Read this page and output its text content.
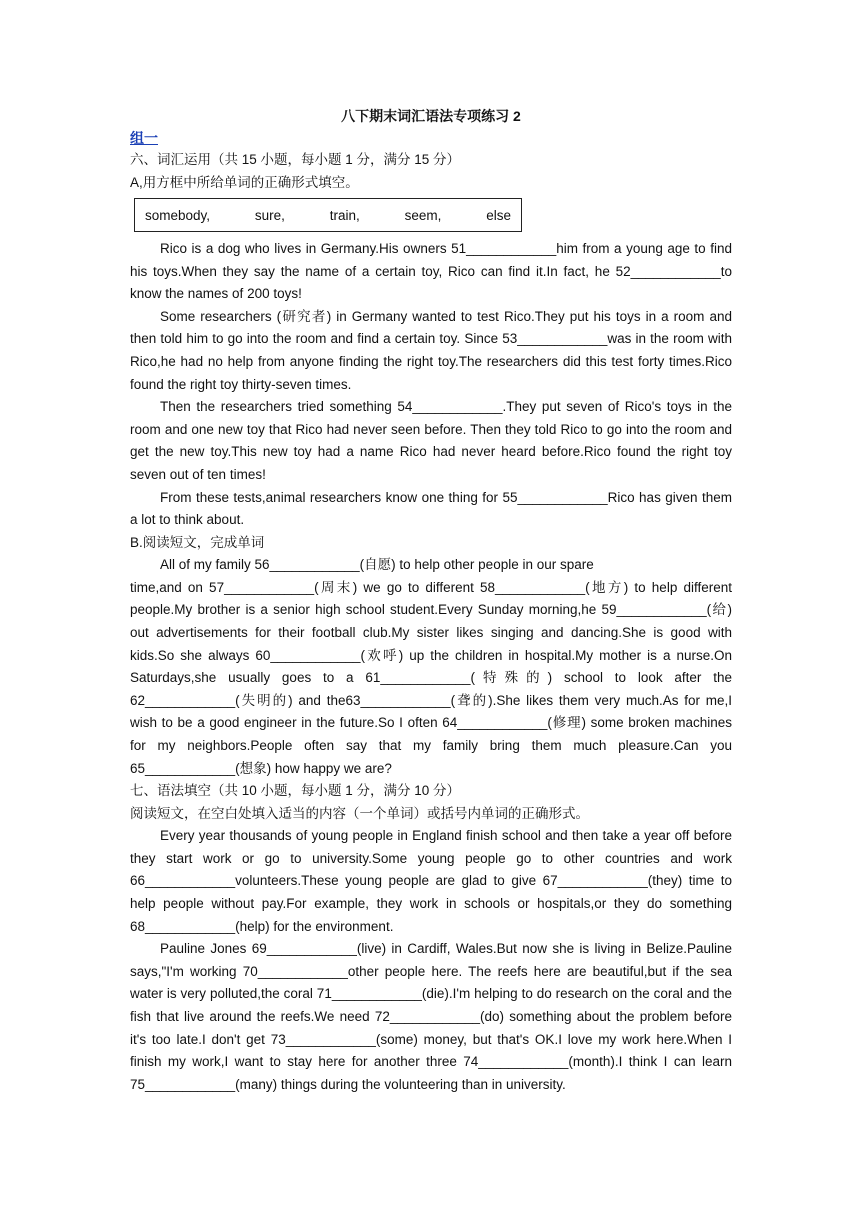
八下期末词汇语法专项练习 2
组一
六、词汇运用（共 15 小题，每小题 1 分，满分 15 分）
A,用方框中所给单词的正确形式填空。
somebody,	sure,	train,	seem,	else

Rico is a dog who lives in Germany.His owners 51____________him from a young age to find his toys.When they say the name of a certain toy, Rico can find it.In fact, he 52____________to know the names of 200 toys!

Some researchers (研究者) in Germany wanted to test Rico.They put his toys in a room and then told him to go into the room and find a certain toy. Since 53____________was in the room with Rico,he had no help from anyone finding the right toy.The researchers did this test forty times.Rico found the right toy thirty-seven times.

Then the researchers tried something 54____________.They put seven of Rico's toys in the room and one new toy that Rico had never seen before. Then they told Rico to go into the room and get the new toy.This new toy had a name Rico had never heard before.Rico found the right toy seven out of ten times!

From these tests,animal researchers know one thing for 55____________Rico has given them a lot to think about.

B.阅读短文，完成单词

All of my family 56____________(自愿) to help other people in our spare

time,and on 57____________(周末) we go to different 58____________(地方) to help different people.My brother is a senior high school student.Every Sunday morning,he 59____________(给) out advertisements for their football club.My sister likes singing and dancing.She is good with kids.So she always 60____________(欢呼) up the children in hospital.My mother is a nurse.On Saturdays,she usually goes to a 61____________(特殊的) school to look after the 62____________(失明的) and the63____________(聋的).She likes them very much.As for me,I wish to be a good engineer in the future.So I often 64____________(修理) some broken machines for my neighbors.People often say that my family bring them much pleasure.Can you 65____________(想象) how happy we are?

七、语法填空（共 10 小题，每小题 1 分，满分 10 分）
阅读短文，在空白处填入适当的内容（一个单词）或括号内单词的正确形式。

Every year thousands of young people in England finish school and then take a year off before they start work or go to university.Some young people go to other countries and work 66____________volunteers.These young people are glad to give 67____________(they) time to help people without pay.For example, they work in schools or hospitals,or they do something 68____________(help) for the environment.

Pauline Jones 69____________(live) in Cardiff, Wales.But now she is living in Belize.Pauline says,"I'm working 70____________other people here. The reefs here are beautiful,but if the sea water is very polluted,the coral 71____________(die).I'm helping to do research on the coral and the fish that live around the reefs.We need 72____________(do) something about the problem before it's too late.I don't get 73____________(some) money, but that's OK.I love my work here.When I finish my work,I want to stay here for another three 74____________(month).I think I can learn 75____________(many) things during the volunteering than in university.
